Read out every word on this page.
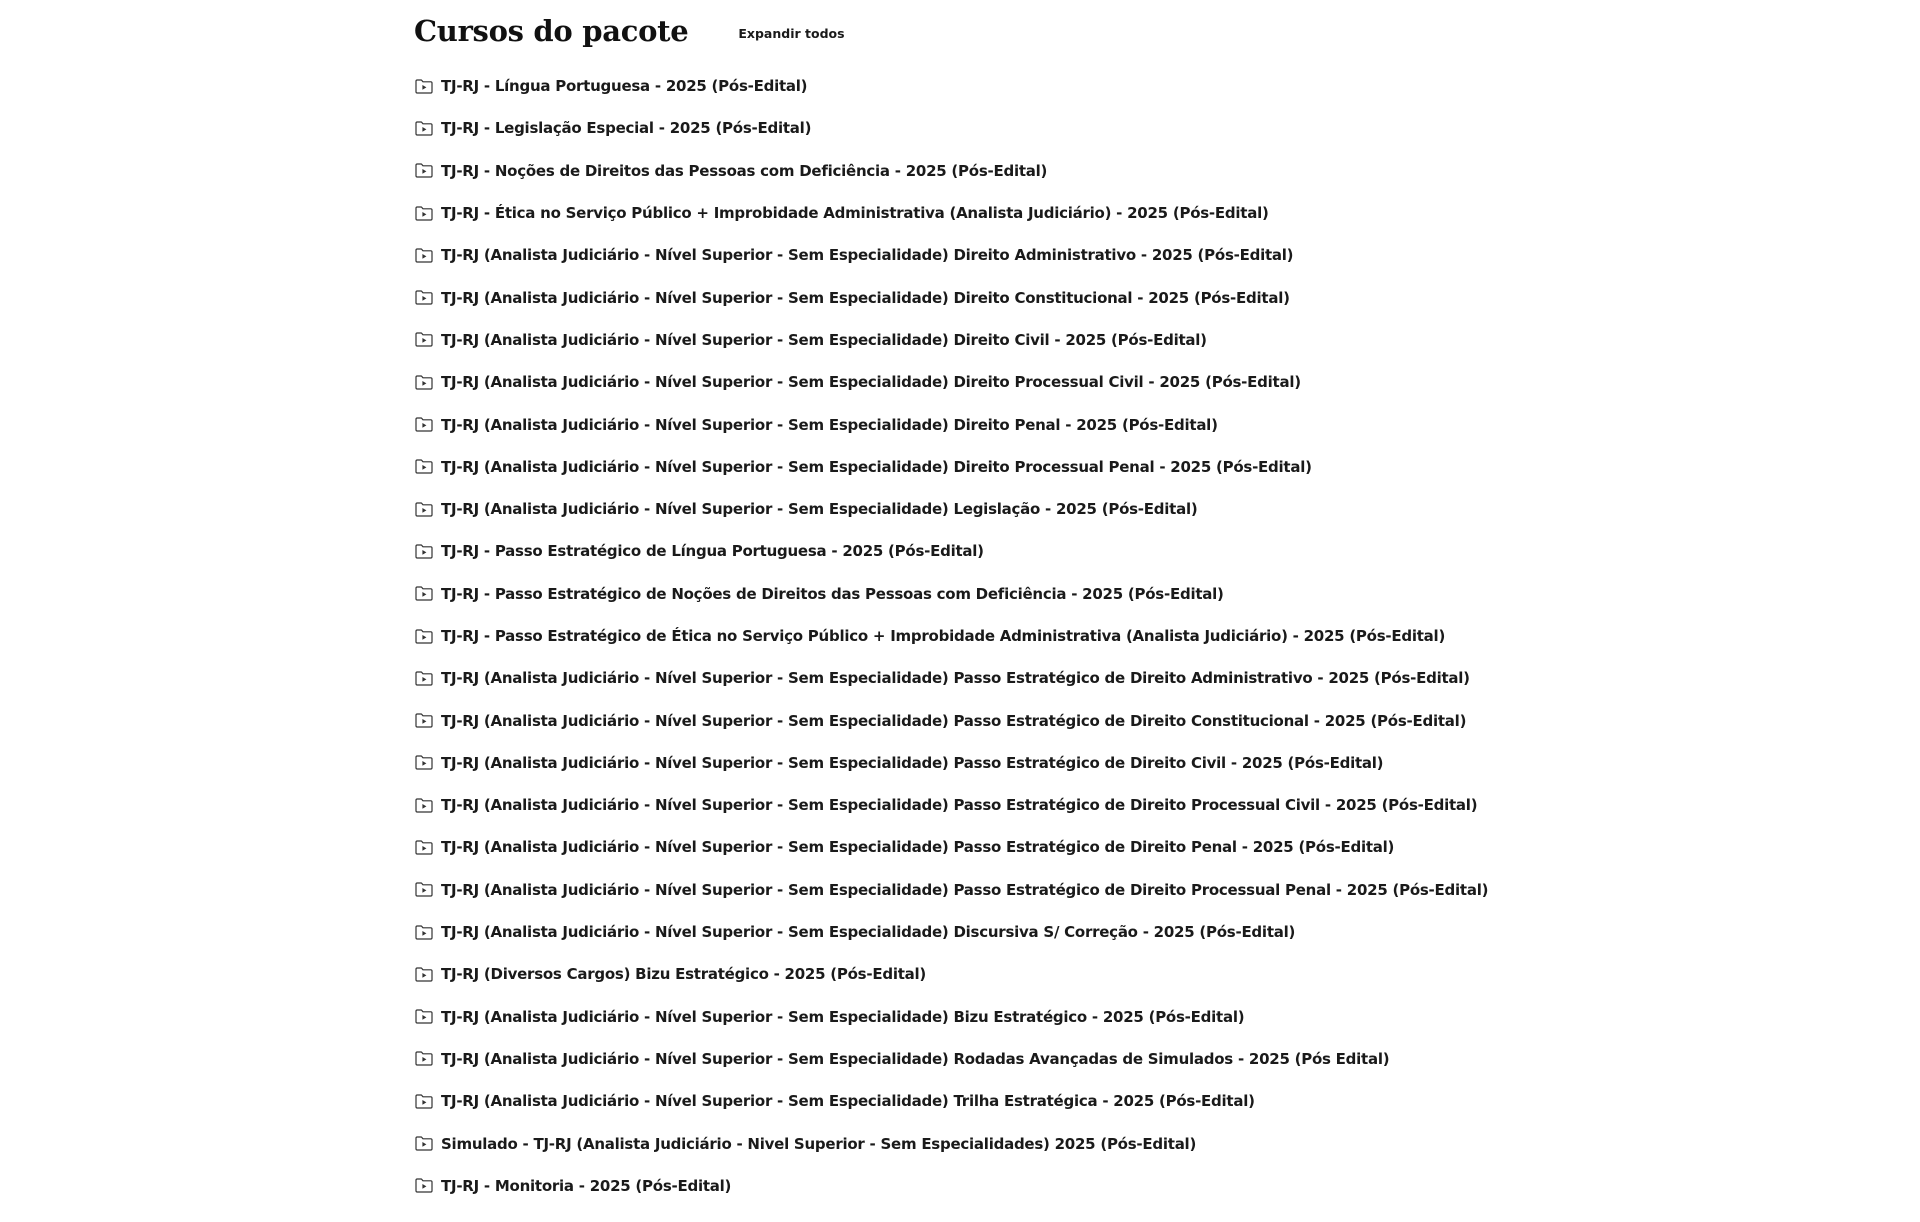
Cursos do pacote	Expandir todos
TJ-RJ - Língua Portuguesa - 2025 (Pós-Edital)
TJ-RJ - Legislação Especial - 2025 (Pós-Edital)
TJ-RJ - Noções de Direitos das Pessoas com Deficiência - 2025 (Pós-Edital)
TJ-RJ - Ética no Serviço Público + Improbidade Administrativa (Analista Judiciário) - 2025 (Pós-Edital)
TJ-RJ (Analista Judiciário - Nível Superior - Sem Especialidade) Direito Administrativo - 2025 (Pós-Edital)
TJ-RJ (Analista Judiciário - Nível Superior - Sem Especialidade) Direito Constitucional - 2025 (Pós-Edital)
TJ-RJ (Analista Judiciário - Nível Superior - Sem Especialidade) Direito Civil - 2025 (Pós-Edital)
TJ-RJ (Analista Judiciário - Nível Superior - Sem Especialidade) Direito Processual Civil - 2025 (Pós-Edital)
TJ-RJ (Analista Judiciário - Nível Superior - Sem Especialidade) Direito Penal - 2025 (Pós-Edital)
TJ-RJ (Analista Judiciário - Nível Superior - Sem Especialidade) Direito Processual Penal - 2025 (Pós-Edital)
TJ-RJ (Analista Judiciário - Nível Superior - Sem Especialidade) Legislação - 2025 (Pós-Edital)
TJ-RJ - Passo Estratégico de Língua Portuguesa - 2025 (Pós-Edital)
TJ-RJ - Passo Estratégico de Noções de Direitos das Pessoas com Deficiência - 2025 (Pós-Edital)
TJ-RJ - Passo Estratégico de Ética no Serviço Público + Improbidade Administrativa (Analista Judiciário) - 2025 (Pós-Edital)
TJ-RJ (Analista Judiciário - Nível Superior - Sem Especialidade) Passo Estratégico de Direito Administrativo - 2025 (Pós-Edital)
TJ-RJ (Analista Judiciário - Nível Superior - Sem Especialidade) Passo Estratégico de Direito Constitucional - 2025 (Pós-Edital)
TJ-RJ (Analista Judiciário - Nível Superior - Sem Especialidade) Passo Estratégico de Direito Civil - 2025 (Pós-Edital)
TJ-RJ (Analista Judiciário - Nível Superior - Sem Especialidade) Passo Estratégico de Direito Processual Civil - 2025 (Pós-Edital)
TJ-RJ (Analista Judiciário - Nível Superior - Sem Especialidade) Passo Estratégico de Direito Penal - 2025 (Pós-Edital)
TJ-RJ (Analista Judiciário - Nível Superior - Sem Especialidade) Passo Estratégico de Direito Processual Penal - 2025 (Pós-Edital)
TJ-RJ (Analista Judiciário - Nível Superior - Sem Especialidade) Discursiva S/ Correção - 2025 (Pós-Edital)
TJ-RJ (Diversos Cargos) Bizu Estratégico - 2025 (Pós-Edital)
TJ-RJ (Analista Judiciário - Nível Superior - Sem Especialidade) Bizu Estratégico - 2025 (Pós-Edital)
TJ-RJ (Analista Judiciário - Nível Superior - Sem Especialidade) Rodadas Avançadas de Simulados - 2025 (Pós Edital)
TJ-RJ (Analista Judiciário - Nível Superior - Sem Especialidade) Trilha Estratégica - 2025 (Pós-Edital)
Simulado - TJ-RJ (Analista Judiciário - Nivel Superior - Sem Especialidades) 2025 (Pós-Edital)
TJ-RJ - Monitoria - 2025 (Pós-Edital)
